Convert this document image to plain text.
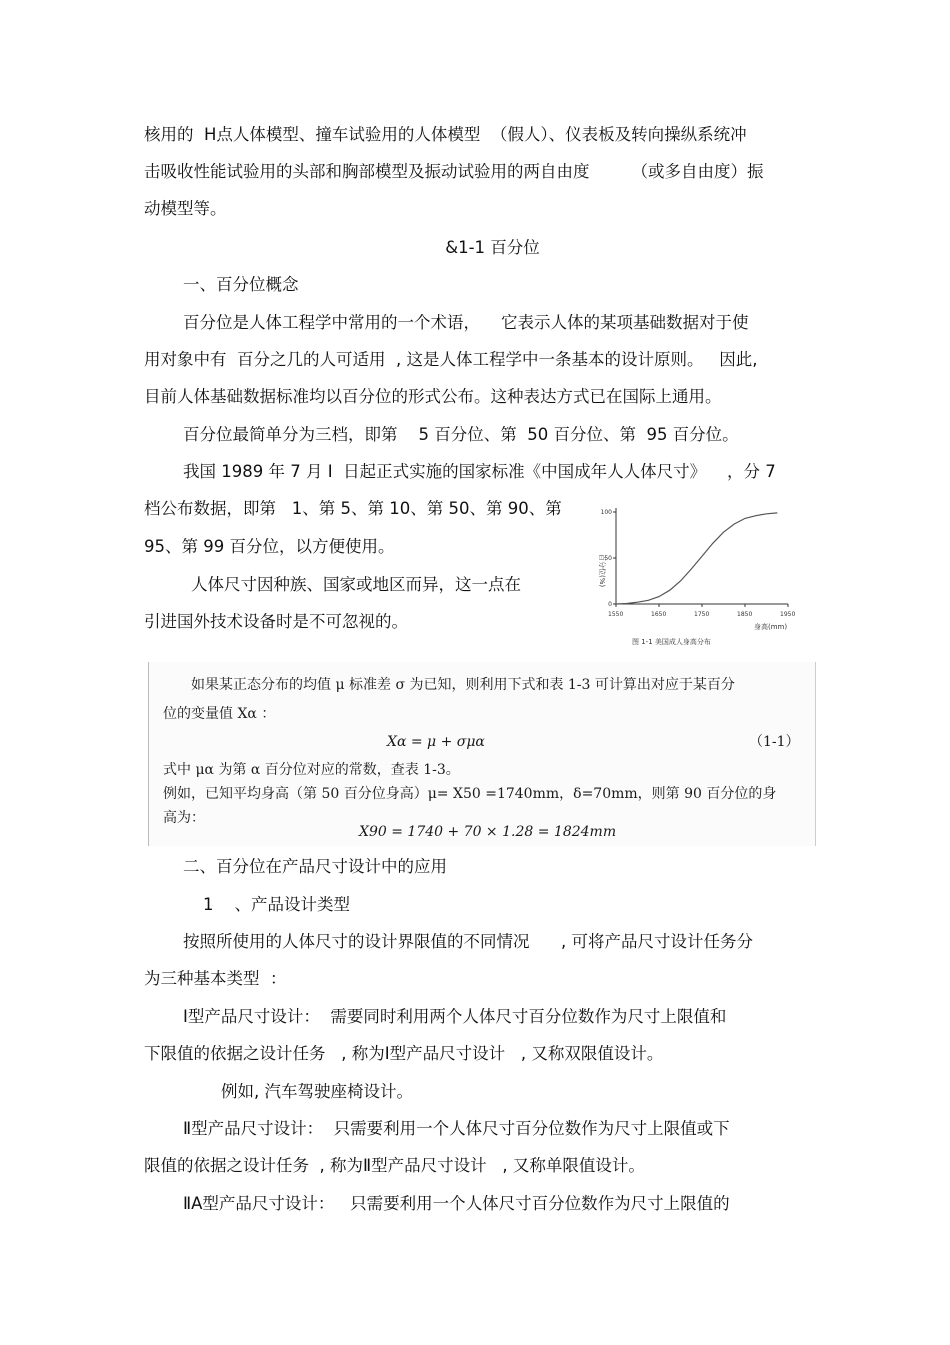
核用的  H点人体模型、撞车试验用的人体模型  （假人）、仪表板及转向操纵系统冲
击吸收性能试验用的头部和胸部模型及振动试验用的两自由度        （或多自由度）振
动模型等。
&1-1 百分位
一、百分位概念
百分位是人体工程学中常用的一个术语，    它表示人体的某项基础数据对于使
用对象中有  百分之几的人可适用  , 这是人体工程学中一条基本的设计原则。   因此,
目前人体基础数据标准均以百分位的形式公布。这种表达方式已在国际上通用。
百分位最简单分为三档，即第    5 百分位、第  50 百分位、第  95 百分位。
我国 1989 年 7 月 I  日起正式实施的国家标准《中国成年人人体尺寸》    ，分 7
档公布数据，即第   1、第 5、第 10、第 50、第 90、第
95、第 99 百分位，以方便使用。
人体尺寸因种族、国家或地区而异，这一点在
引进国外技术设备时是不可忽视的。
百分位(%)
身高(mm)
图 1-1 美国成人身高分布
1550	1650	1750	1850	1950
0
50
100
如果某正态分布的均值 μ 标准差 σ 为已知，则利用下式和表 1-3 可计算出对应于某百分
位的变量值 Xα ：
Xα = μ + σμα	（1-1）
式中 μα 为第 α 百分位对应的常数，查表 1-3。
例如，已知平均身高（第 50 百分位身高）μ= X50 =1740mm，δ=70mm，则第 90 百分位的身
高为：
X90 = 1740 + 70 × 1.28 = 1824mm
二、百分位在产品尺寸设计中的应用
1    、产品设计类型
按照所使用的人体尺寸的设计界限值的不同情况      , 可将产品尺寸设计任务分
为三种基本类型  ：
Ⅰ型产品尺寸设计：  需要同时利用两个人体尺寸百分位数作为尺寸上限值和
下限值的依据之设计任务   , 称为Ⅰ型产品尺寸设计   , 又称双限值设计。
例如, 汽车驾驶座椅设计。
Ⅱ型产品尺寸设计：  只需要利用一个人体尺寸百分位数作为尺寸上限值或下
限值的依据之设计任务  , 称为Ⅱ型产品尺寸设计   , 又称单限值设计。
ⅡA型产品尺寸设计：   只需要利用一个人体尺寸百分位数作为尺寸上限值的
